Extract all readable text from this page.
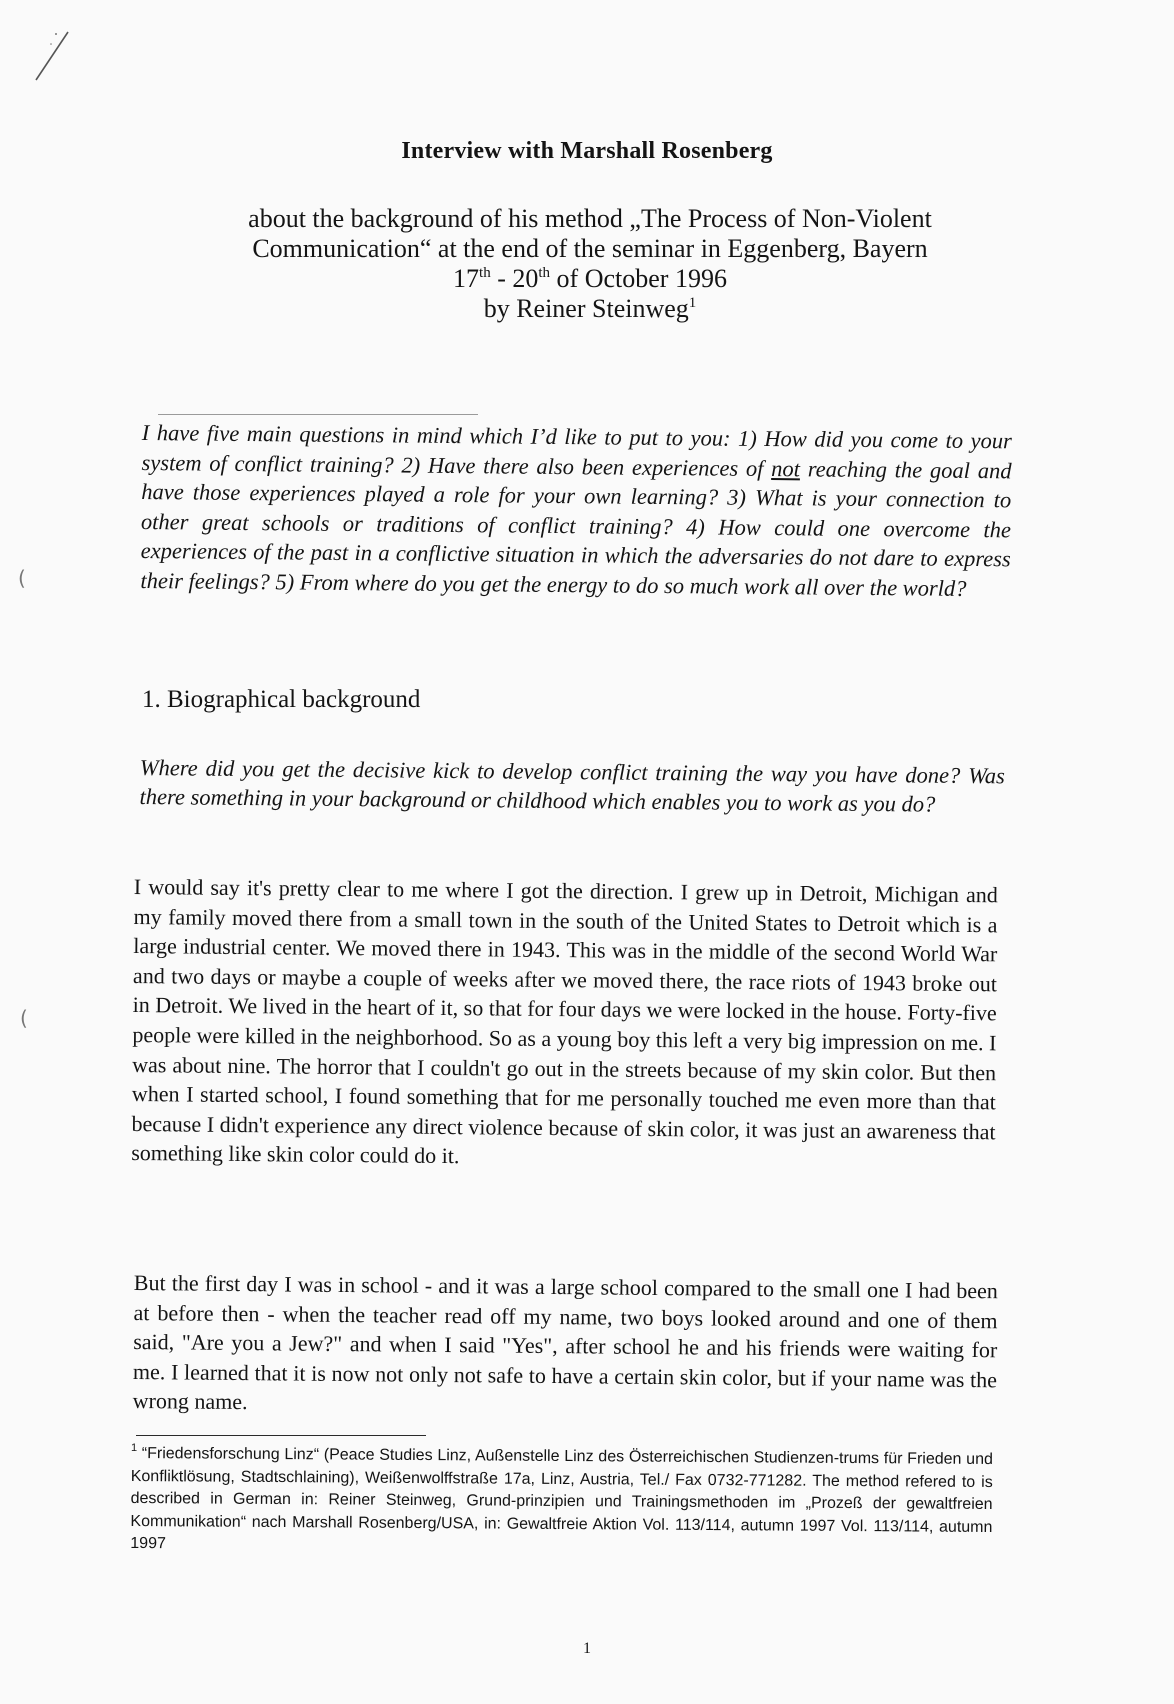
Interview with Marshall Rosenberg
about the background of his method „The Process of Non-Violent
Communication“ at the end of the seminar in Eggenberg, Bayern
17th - 20th of October 1996
by Reiner Steinweg$^1$
I have five main questions in mind which I’d like to put to you: 1) How did you come to your system of conflict training? 2) Have there also been experiences of not reaching the goal and have those experiences played a role for your own learning? 3) What is your connection to other great schools or traditions of conflict training? 4) How could one overcome the experiences of the past in a conflictive situation in which the adversaries do not dare to express their feelings? 5) From where do you get the energy to do so much work all over the world?
(
(
1. Biographical background
Where did you get the decisive kick to develop conflict training the way you have done? Was there something in your background or childhood which enables you to work as you do?
I would say it's pretty clear to me where I got the direction. I grew up in Detroit, Michigan and my family moved there from a small town in the south of the United States to Detroit which is a large industrial center. We moved there in 1943. This was in the middle of the second World War and two days or maybe a couple of weeks after we moved there, the race riots of 1943 broke out in Detroit. We lived in the heart of it, so that for four days we were locked in the house. Forty-five people were killed in the neighborhood. So as a young boy this left a very big impression on me. I was about nine. The horror that I couldn't go out in the streets because of my skin color. But then when I started school, I found something that for me personally touched me even more than that because I didn't experience any direct violence because of skin color, it was just an awareness that something like skin color could do it.
But the first day I was in school - and it was a large school compared to the small one I had been at before then - when the teacher read off my name, two boys looked around and one of them said, "Are you a Jew?" and when I said "Yes", after school he and his friends were waiting for me. I learned that it is now not only not safe to have a certain skin color, but if your name was the wrong name.
$^1$ “Friedensforschung Linz“ (Peace Studies Linz, Außenstelle Linz des Österreichischen Studienzen-trums für Frieden und Konfliktlösung, Stadtschlaining), Weißenwolffstraße 17a, Linz, Austria, Tel./ Fax 0732-771282. The method refered to is described in German in: Reiner Steinweg, Grund-prinzipien und Trainingsmethoden im „Prozeß der gewaltfreien Kommunikation“ nach Marshall Rosenberg/USA, in: Gewaltfreie Aktion Vol. 113/114, autumn 1997 Vol. 113/114, autumn 1997
1
